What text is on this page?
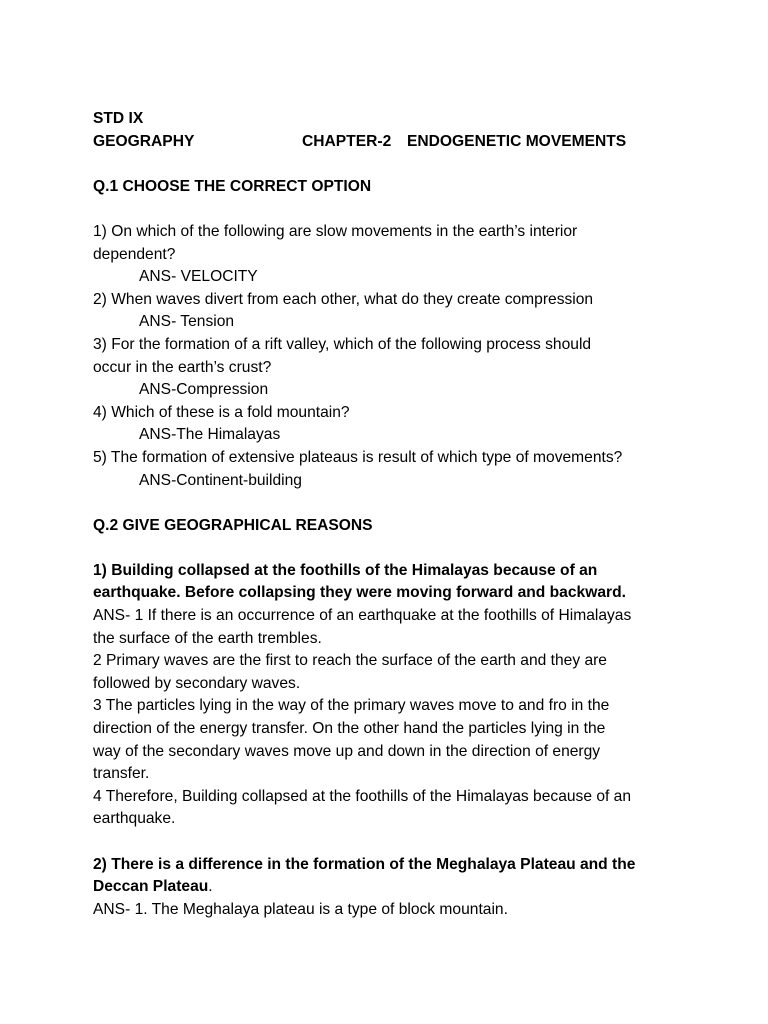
STD IX
GEOGRAPHY	CHAPTER-2 ENDOGENETIC MOVEMENTS
Q.1 CHOOSE THE CORRECT OPTION
1) On which of the following are slow movements in the earth’s interior
dependent?
ANS- VELOCITY
2) When waves divert from each other, what do they create compression
ANS- Tension
3) For the formation of a rift valley, which of the following process should
occur in the earth’s crust?
ANS-Compression
4) Which of these is a fold mountain?
ANS-The Himalayas
5) The formation of extensive plateaus is result of which type of movements?
ANS-Continent-building
Q.2 GIVE GEOGRAPHICAL REASONS
1) Building collapsed at the foothills of the Himalayas because of an
earthquake. Before collapsing they were moving forward and backward.
ANS- 1 If there is an occurrence of an earthquake at the foothills of Himalayas
the surface of the earth trembles.
2 Primary waves are the first to reach the surface of the earth and they are
followed by secondary waves.
3 The particles lying in the way of the primary waves move to and fro in the
direction of the energy transfer. On the other hand the particles lying in the
way of the secondary waves move up and down in the direction of energy
transfer.
4 Therefore, Building collapsed at the foothills of the Himalayas because of an
earthquake.
2) There is a difference in the formation of the Meghalaya Plateau and the
Deccan Plateau.
ANS- 1. The Meghalaya plateau is a type of block mountain.
